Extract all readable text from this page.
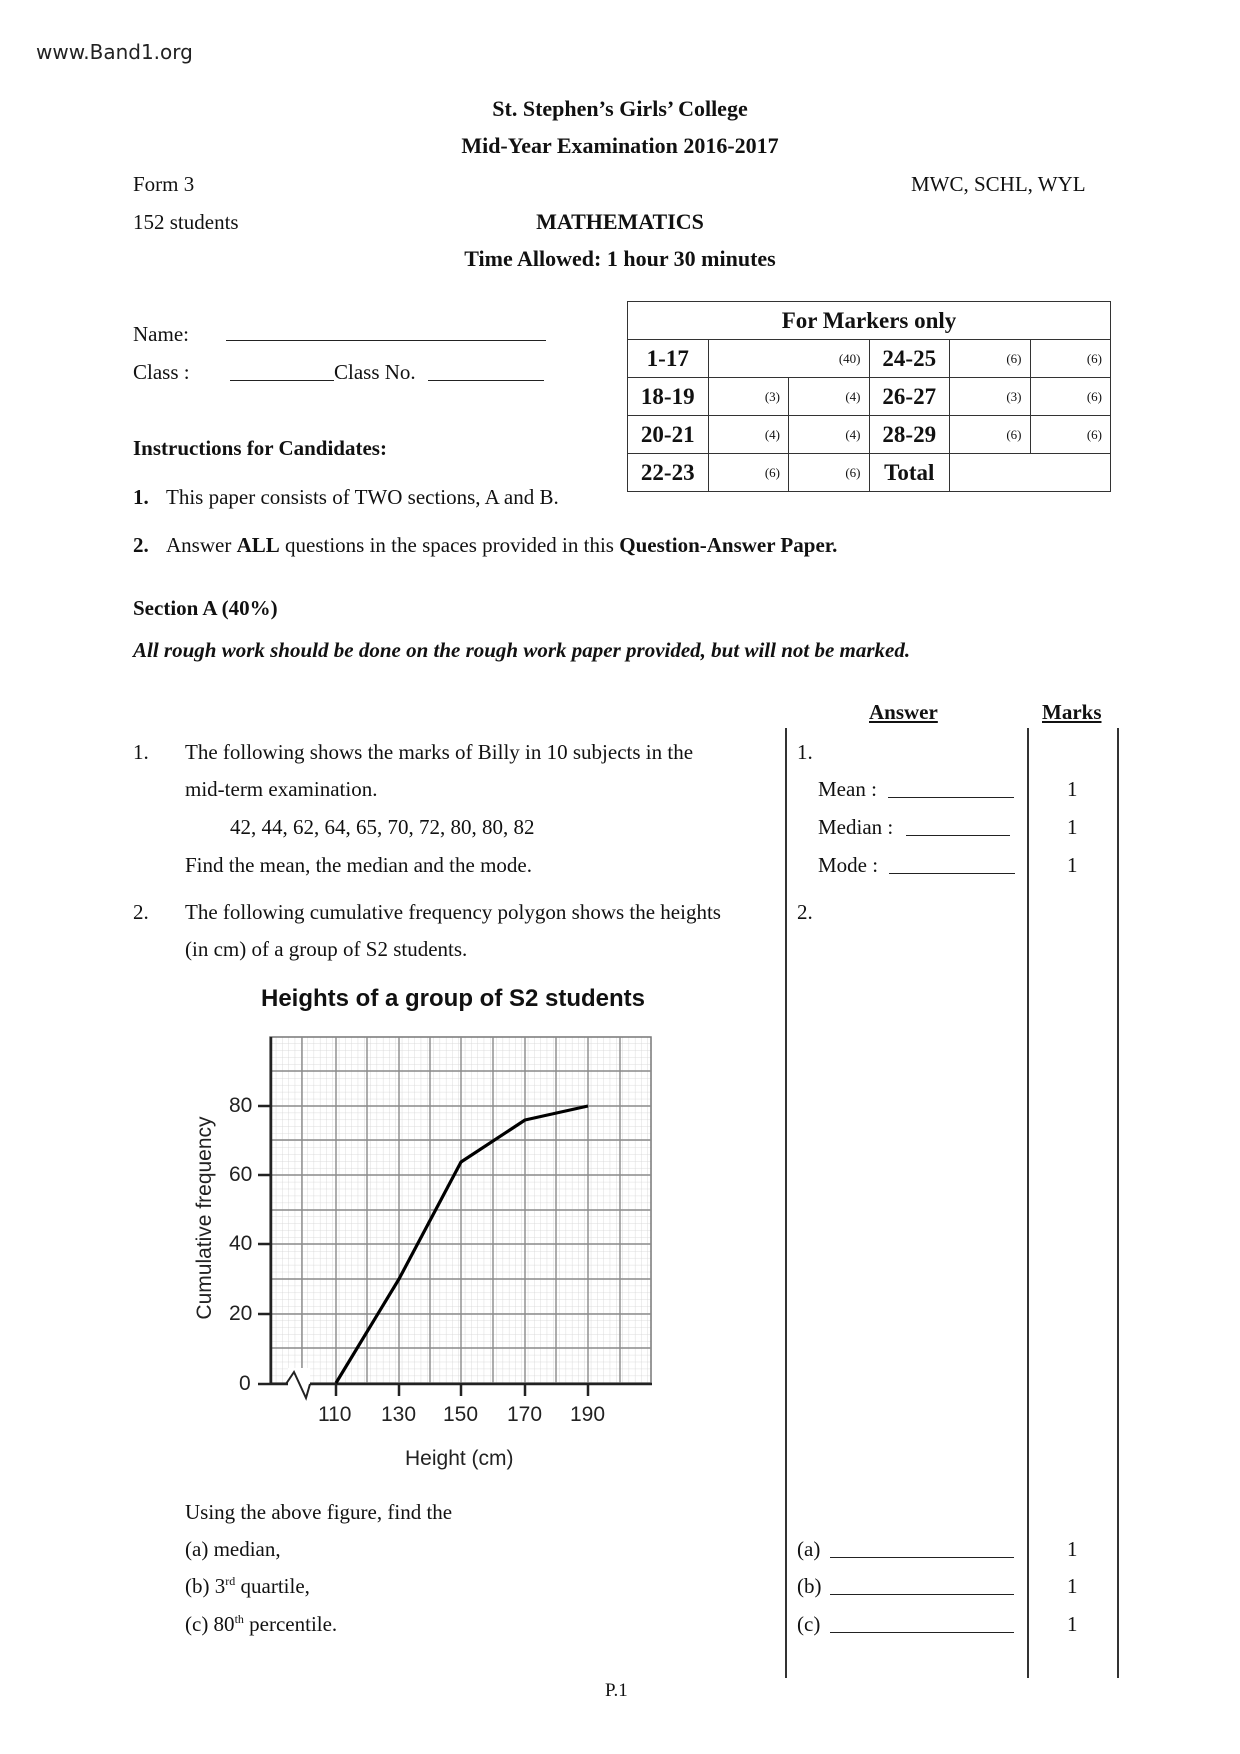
www.Band1.org
St. Stephen’s Girls’ College
Mid-Year Examination 2016-2017
Form 3	MWC, SCHL, WYL
152 students	MATHEMATICS
Time Allowed: 1 hour 30 minutes
Name:
Class :	Class No.
For Markers only					
1-17	(40)		24-25	(6)	(6)
18-19	(3)	(4)	26-27	(3)	(6)
20-21	(4)	(4)	28-29	(6)	(6)
22-23	(6)	(6)	Total		
Instructions for Candidates:
1. This paper consists of TWO sections, A and B.
2. Answer ALL questions in the spaces provided in this Question-Answer Paper.
Section A (40%)
All rough work should be done on the rough work paper provided, but will not be marked.
Answer	Marks
1. The following shows the marks of Billy in 10 subjects in the
mid-term examination.
42, 44, 62, 64, 65, 70, 72, 80, 80, 82
Find the mean, the median and the mode.
1.
Mean :	1
Median :	1
Mode :	1
2. The following cumulative frequency polygon shows the heights
(in cm) of a group of S2 students.
2.
Heights of a group of S2 students
80
60
40
20
0
110 130 150 170 190
Height (cm)
Cumulative frequency
Using the above figure, find the
(a) median,
(b) 3rd quartile,
(c) 80th percentile.
(a)	1
(b)	1
(c)	1
P.1
